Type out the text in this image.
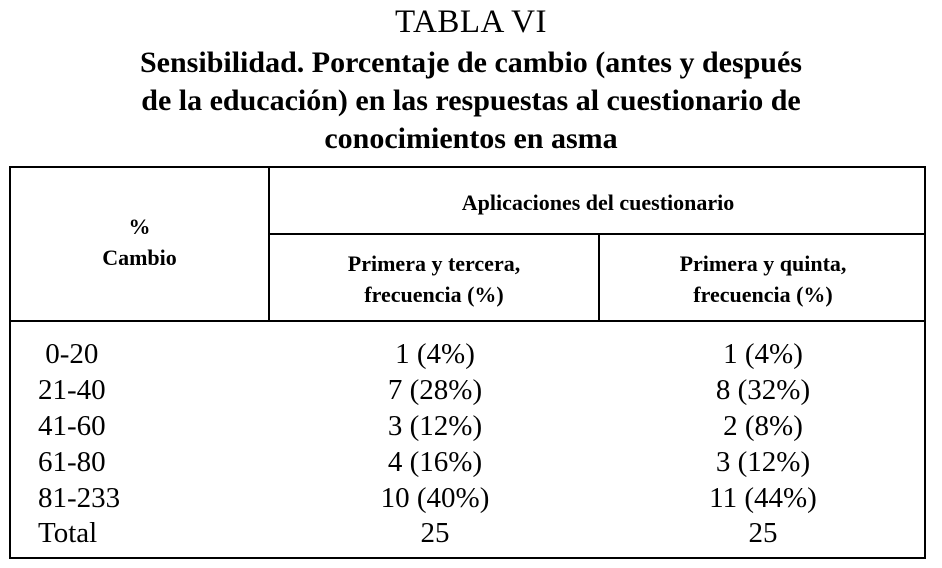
TABLA VI
Sensibilidad. Porcentaje de cambio (antes y después
de la educación) en las respuestas al cuestionario de
conocimientos en asma
%
Cambio
Aplicaciones del cuestionario
Primera y tercera,
frecuencia (%)
Primera y quinta,
frecuencia (%)
0-20	1 (4%)	1 (4%)
21-40	7 (28%)	8 (32%)
41-60	3 (12%)	2 (8%)
61-80	4 (16%)	3 (12%)
81-233	10 (40%)	11 (44%)
Total	25	25
